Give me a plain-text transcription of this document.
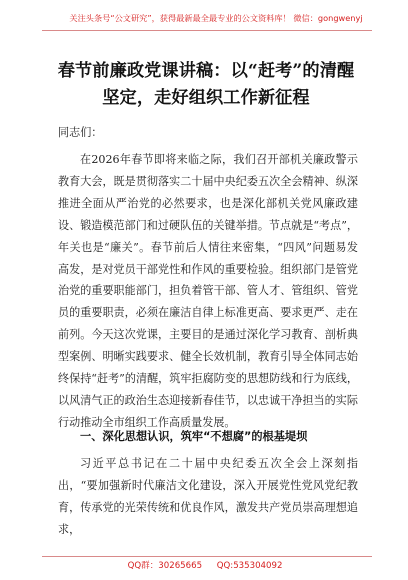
关注头条号“公文研究”，获得最新最全最专业的公文资料库！ 微信：gongwenyj
春节前廉政党课讲稿：以“赶考”的清醒坚定，走好组织工作新征程
同志们：
在2026年春节即将来临之际，我们召开部机关廉政警示教育大会，既是贯彻落实二十届中央纪委五次全会精神、纵深推进全面从严治党的必然要求，也是深化部机关党风廉政建设、锻造模范部门和过硬队伍的关键举措。节点就是“考点”，年关也是“廉关”。春节前后人情往来密集，“四风”问题易发高发，是对党员干部党性和作风的重要检验。组织部门是管党治党的重要职能部门，担负着管干部、管人才、管组织、管党员的重要职责，必须在廉洁自律上标准更高、要求更严、走在前列。今天这次党课，主要目的是通过深化学习教育、剖析典型案例、明晰实践要求、健全长效机制，教育引导全体同志始终保持“赶考”的清醒，筑牢拒腐防变的思想防线和行为底线，以风清气正的政治生态迎接新春佳节，以忠诚干净担当的实际行动推动全市组织工作高质量发展。
一、深化思想认识，筑牢“不想腐”的根基堤坝
习近平总书记在二十届中央纪委五次全会上深刻指出，“要加强新时代廉洁文化建设，深入开展党性党风党纪教育，传承党的光荣传统和优良作风，激发共产党员崇高理想追求，
QQ群：30265665 QQ:535304092
